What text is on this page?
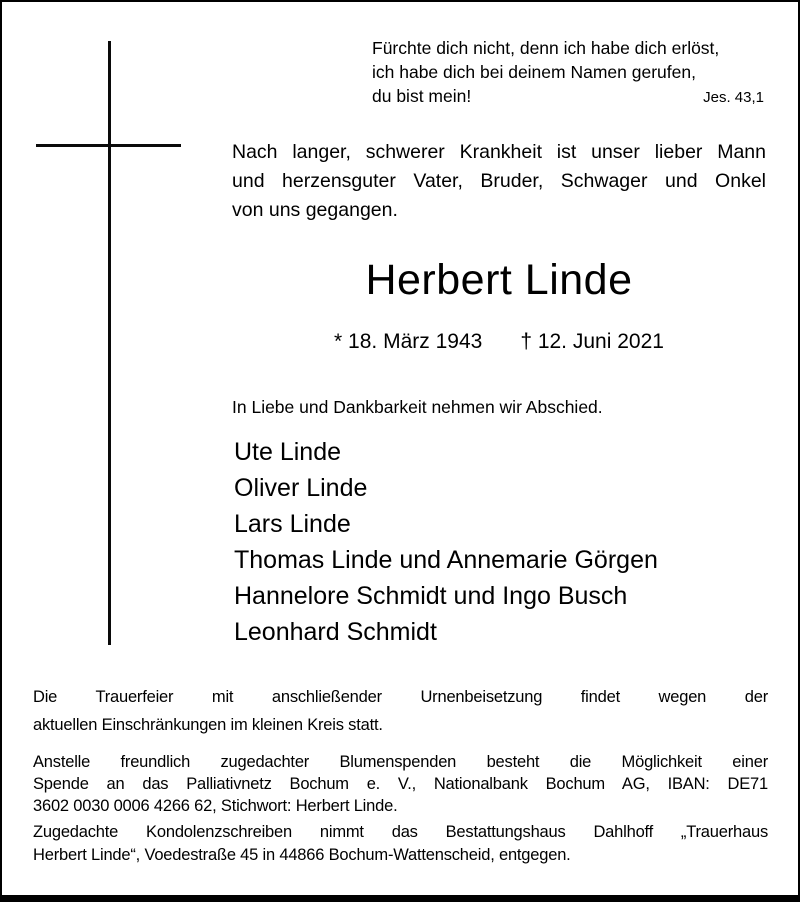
Fürchte dich nicht, denn ich habe dich erlöst,
ich habe dich bei deinem Namen gerufen,
du bist mein!	Jes. 43,1
Nach langer, schwerer Krankheit ist unser lieber Mann
und herzensguter Vater, Bruder, Schwager und Onkel
von uns gegangen.
Herbert Linde
* 18. März 1943 † 12. Juni 2021
In Liebe und Dankbarkeit nehmen wir Abschied.
Ute Linde
Oliver Linde
Lars Linde
Thomas Linde und Annemarie Görgen
Hannelore Schmidt und Ingo Busch
Leonhard Schmidt
Die Trauerfeier mit anschließender Urnenbeisetzung findet wegen der
aktuellen Einschränkungen im kleinen Kreis statt.
Anstelle freundlich zugedachter Blumenspenden besteht die Möglichkeit einer
Spende an das Palliativnetz Bochum e. V., Nationalbank Bochum AG, IBAN: DE71
3602 0030 0006 4266 62, Stichwort: Herbert Linde.
Zugedachte Kondolenzschreiben nimmt das Bestattungshaus Dahlhoff „Trauerhaus
Herbert Linde“, Voedestraße 45 in 44866 Bochum-Wattenscheid, entgegen.
